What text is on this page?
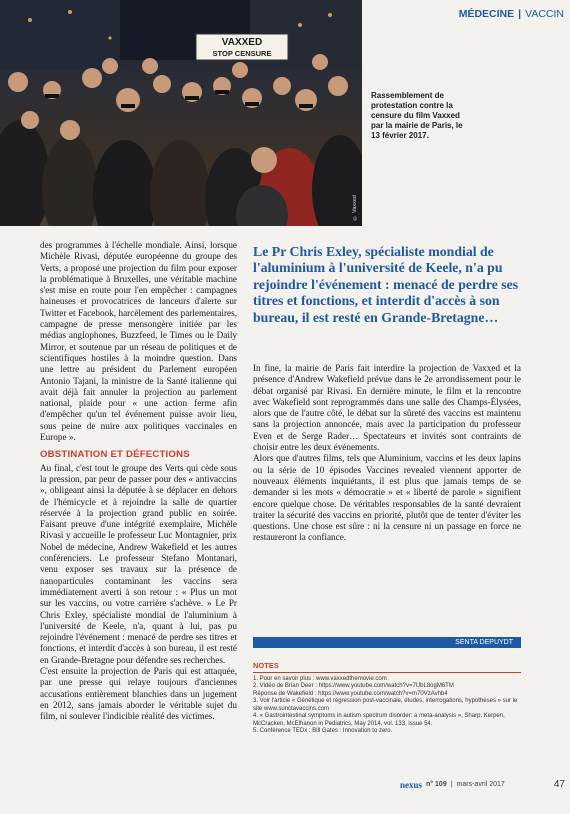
MÉDECINE | VACCIN
VAXXED
STOP CENSURE
© Vaxxed
Rassemblement de protestation contre la censure du film Vaxxed par la mairie de Paris, le 13 février 2017.

des programmes à l'échelle mondiale. Ainsi, lorsque Michèle Rivasi, députée européenne du groupe des Verts, a proposé une projection du film pour exposer la problématique à Bruxelles, une véritable machine s'est mise en route pour l'en empêcher : campagnes haineuses et provocatrices de lanceurs d'alerte sur Twitter et Facebook, harcèlement des parlementaires, campagne de presse mensongère initiée par les médias anglophones, Buzzfeed, le Times ou le Daily Mirror, et soutenue par un réseau de politiques et de scientifiques hostiles à la moindre question. Dans une lettre au président du Parlement européen Antonio Tajani, la ministre de la Santé italienne qui avait déjà fait annuler la projection au parlement national, plaide pour « une action ferme afin d'empêcher qu'un tel événement puisse avoir lieu, sous peine de nuire aux politiques vaccinales en Europe ».

OBSTINATION ET DÉFECTIONS

Au final, c'est tout le groupe des Verts qui cède sous la pression, par peur de passer pour des « antivaccins », obligeant ainsi la députée à se déplacer en dehors de l'hémicycle et à rejoindre la salle de quartier réservée à la projection grand public en soirée. Faisant preuve d'une intégrité exemplaire, Michèle Rivasi y accueille le professeur Luc Montagnier, prix Nobel de médecine, Andrew Wakefield et les autres conférenciers. Le professeur Stefano Montanari, venu exposer ses travaux sur la présence de nanoparticules contaminant les vaccins sera immédiatement averti à son retour : « Plus un mot sur les vaccins, ou votre carrière s'achève. » Le Pr Chris Exley, spécialiste mondial de l'aluminium à l'université de Keele, n'a, quant à lui, pas pu rejoindre l'événement : menacé de perdre ses titres et fonctions, et interdit d'accès à son bureau, il est resté en Grande-Bretagne pour défendre ses recherches.

C'est ensuite la projection de Paris qui est attaquée, par une presse qui relaye toujours d'anciennes accusations entièrement blanchies dans un jugement en 2012, sans jamais aborder le véritable sujet du film, ni soulever l'indicible réalité des victimes.

Le Pr Chris Exley, spécialiste mondial de l'aluminium à l'université de Keele, n'a pu rejoindre l'événement : menacé de perdre ses titres et fonctions, et interdit d'accès à son bureau, il est resté en Grande-Bretagne…

In fine, la mairie de Paris fait interdire la projection de Vaxxed et la présence d'Andrew Wakefield prévue dans le 2e arrondissement pour le débat organisé par Rivasi. En dernière minute, le film et la rencontre avec Wakefield sont reprogrammés dans une salle des Champs-Élysées, alors que de l'autre côté, le débat sur la sûreté des vaccins est maintenu sans la projection annoncée, mais avec la participation du professeur Even et de Serge Rader… Spectateurs et invités sont contraints de choisir entre les deux événements.

Alors que d'autres films, tels que Aluminium, vaccins et les deux lapins ou la série de 10 épisodes Vaccines revealed viennent apporter de nouveaux éléments inquiétants, il est plus que jamais temps de se demander si les mots « démocratie » et « liberté de parole » signifient encore quelque chose. De véritables responsables de la santé devraient traiter la sécurité des vaccins en priorité, plutôt que de tenter d'éviter les questions. Une chose est sûre : ni la censure ni un passage en force ne restaureront la confiance.

SENTA DEPUYDT
NOTES
1. Pour en savoir plus : www.vaxxedthemovie.com
2. Vidéo de Brian Deer : https://www.youtube.com/watch?v=7UbL8ogM6TM
Réponse de Wakefield : https://www.youtube.com/watch?v=m70VzAvhb4
3. Voir l'article « Génétique et régression post-vaccinale, études, interrogations, hypothèses » sur le site www.sunctavaccins.com
4. « Gastrointestinal symptoms in autism spectrum disorder: a meta-analysis », Sharp, Kerpen, McCracken, McElhanon in Pediatrics, May 2014, vol. 133, issue 54.
5. Conférence TEDx : Bill Gates : Innovation to zero.
nexus n° 109 | mars-avril 2017	47
